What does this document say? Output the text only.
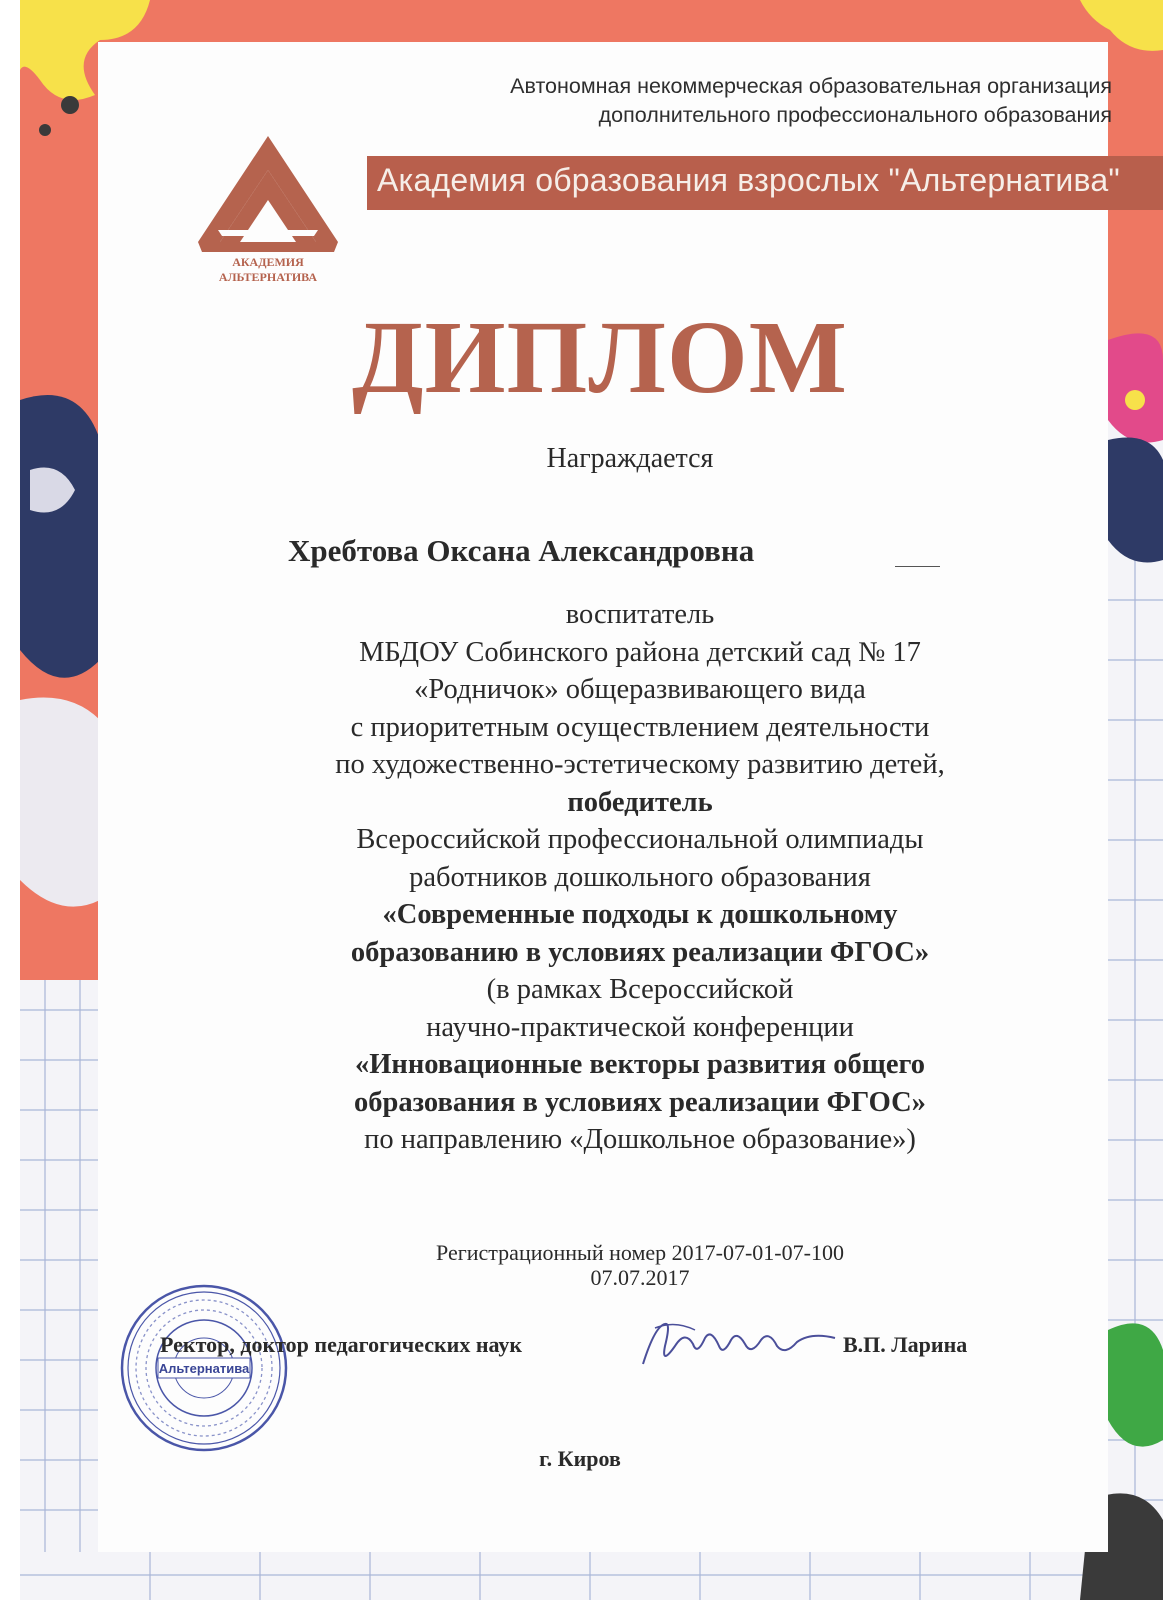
Автономная некоммерческая образовательная организация
дополнительного профессионального образования
Академия образования взрослых "Альтернатива"
АКАДЕМИЯ
АЛЬТЕРНАТИВА
ДИПЛОМ
Награждается
Хребтова Оксана Александровна
воспитатель
МБДОУ Собинского района детский сад № 17
«Родничок» общеразвивающего вида
с приоритетным осуществлением деятельности
по художественно-эстетическому развитию детей,
победитель
Всероссийской профессиональной олимпиады
работников дошкольного образования
«Современные подходы к дошкольному
образованию в условиях реализации ФГОС»
(в рамках Всероссийской
научно-практической конференции
«Инновационные векторы развития общего
образования в условиях реализации ФГОС»
по направлению «Дошкольное образование»)
Регистрационный номер 2017-07-01-07-100
07.07.2017
Альтернатива
Ректор, доктор педагогических наук	В.П. Ларина
г. Киров
